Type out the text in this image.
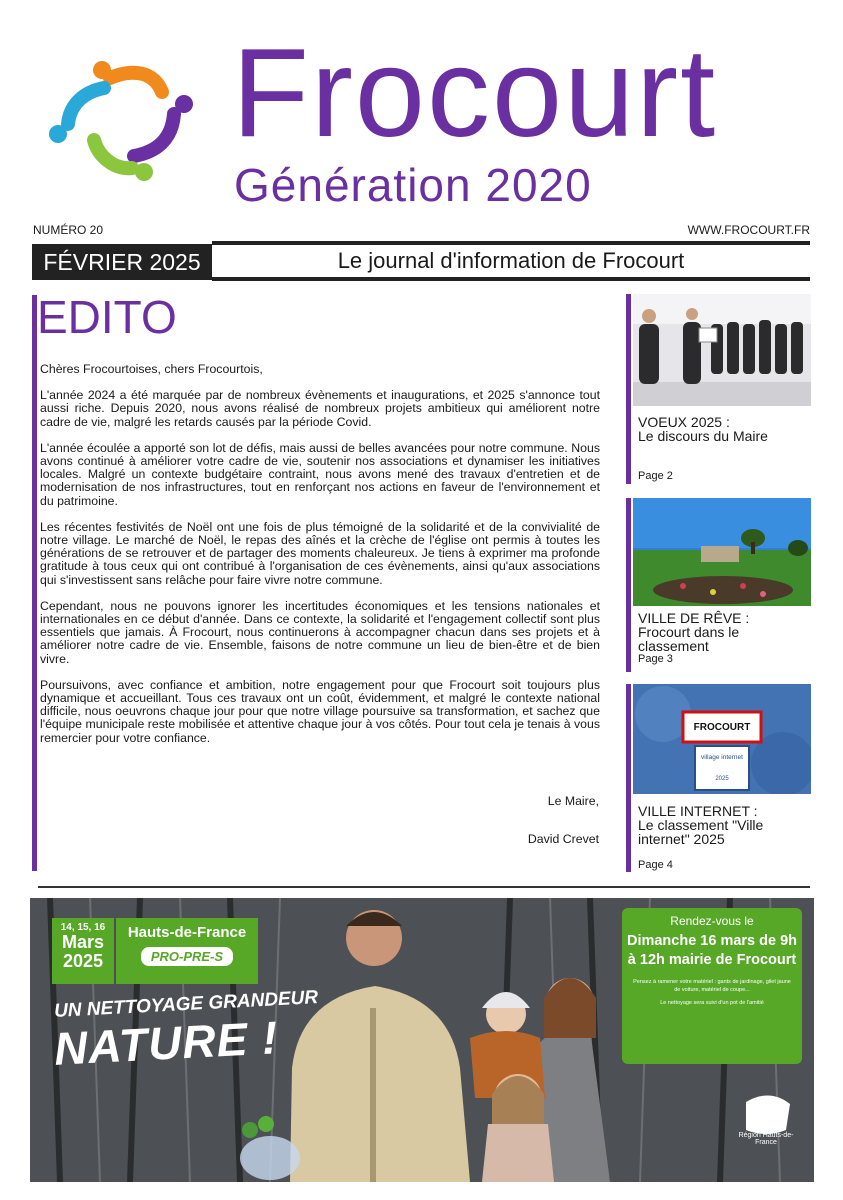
Frocourt
Génération 2020
NUMÉRO 20	WWW.FROCOURT.FR
FÉVRIER 2025	Le journal d'information de Frocourt
EDITO

Chères Frocourtoises, chers Frocourtois,

L'année 2024 a été marquée par de nombreux évènements et inaugurations, et 2025 s'annonce tout aussi riche. Depuis 2020, nous avons réalisé de nombreux projets ambitieux qui améliorent notre cadre de vie, malgré les retards causés par la période Covid.

L'année écoulée a apporté son lot de défis, mais aussi de belles avancées pour notre commune. Nous avons continué à améliorer votre cadre de vie, soutenir nos associations et dynamiser les initiatives locales. Malgré un contexte budgétaire contraint, nous avons mené des travaux d'entretien et de modernisation de nos infrastructures, tout en renforçant nos actions en faveur de l'environnement et du patrimoine.

Les récentes festivités de Noël ont une fois de plus témoigné de la solidarité et de la convivialité de notre village. Le marché de Noël, le repas des aînés et la crèche de l'église ont permis à toutes les générations de se retrouver et de partager des moments chaleureux. Je tiens à exprimer ma profonde gratitude à tous ceux qui ont contribué à l'organisation de ces évènements, ainsi qu'aux associations qui s'investissent sans relâche pour faire vivre notre commune.

Cependant, nous ne pouvons ignorer les incertitudes économiques et les tensions nationales et internationales en ce début d'année. Dans ce contexte, la solidarité et l'engagement collectif sont plus essentiels que jamais. À Frocourt, nous continuerons à accompagner chacun dans ses projets et à améliorer notre cadre de vie. Ensemble, faisons de notre commune un lieu de bien-être et de bien vivre.

Poursuivons, avec confiance et ambition, notre engagement pour que Frocourt soit toujours plus dynamique et accueillant. Tous ces travaux ont un coût, évidemment, et malgré le contexte national difficile, nous oeuvrons chaque jour pour que notre village poursuive sa transformation, et sachez que l'équipe municipale reste mobilisée et attentive chaque jour à vos côtés. Pour tout cela je tenais à vous remercier pour votre confiance.

Le Maire,
David Crevet
VOEUX 2025 :
Le discours du Maire
Page 2
VILLE DE RÊVE :
Frocourt dans le classement
Page 3
FROCOURT
village internet
2025
VILLE INTERNET :
Le classement "Ville internet" 2025
Page 4
14, 15, 16
Mars
2025
Hauts-de-France
PRO-PRE-S
UN NETTOYAGE GRANDEUR
NATURE !
Rendez-vous le
Dimanche 16 mars de 9h à 12h mairie de Frocourt
Pensez à ramener votre matériel : gants de jardinage, gilet jaune de voiture, matériel de coupe...
Le nettoyage sera suivi d'un pot de l'amitié
Région Hauts-de-France
